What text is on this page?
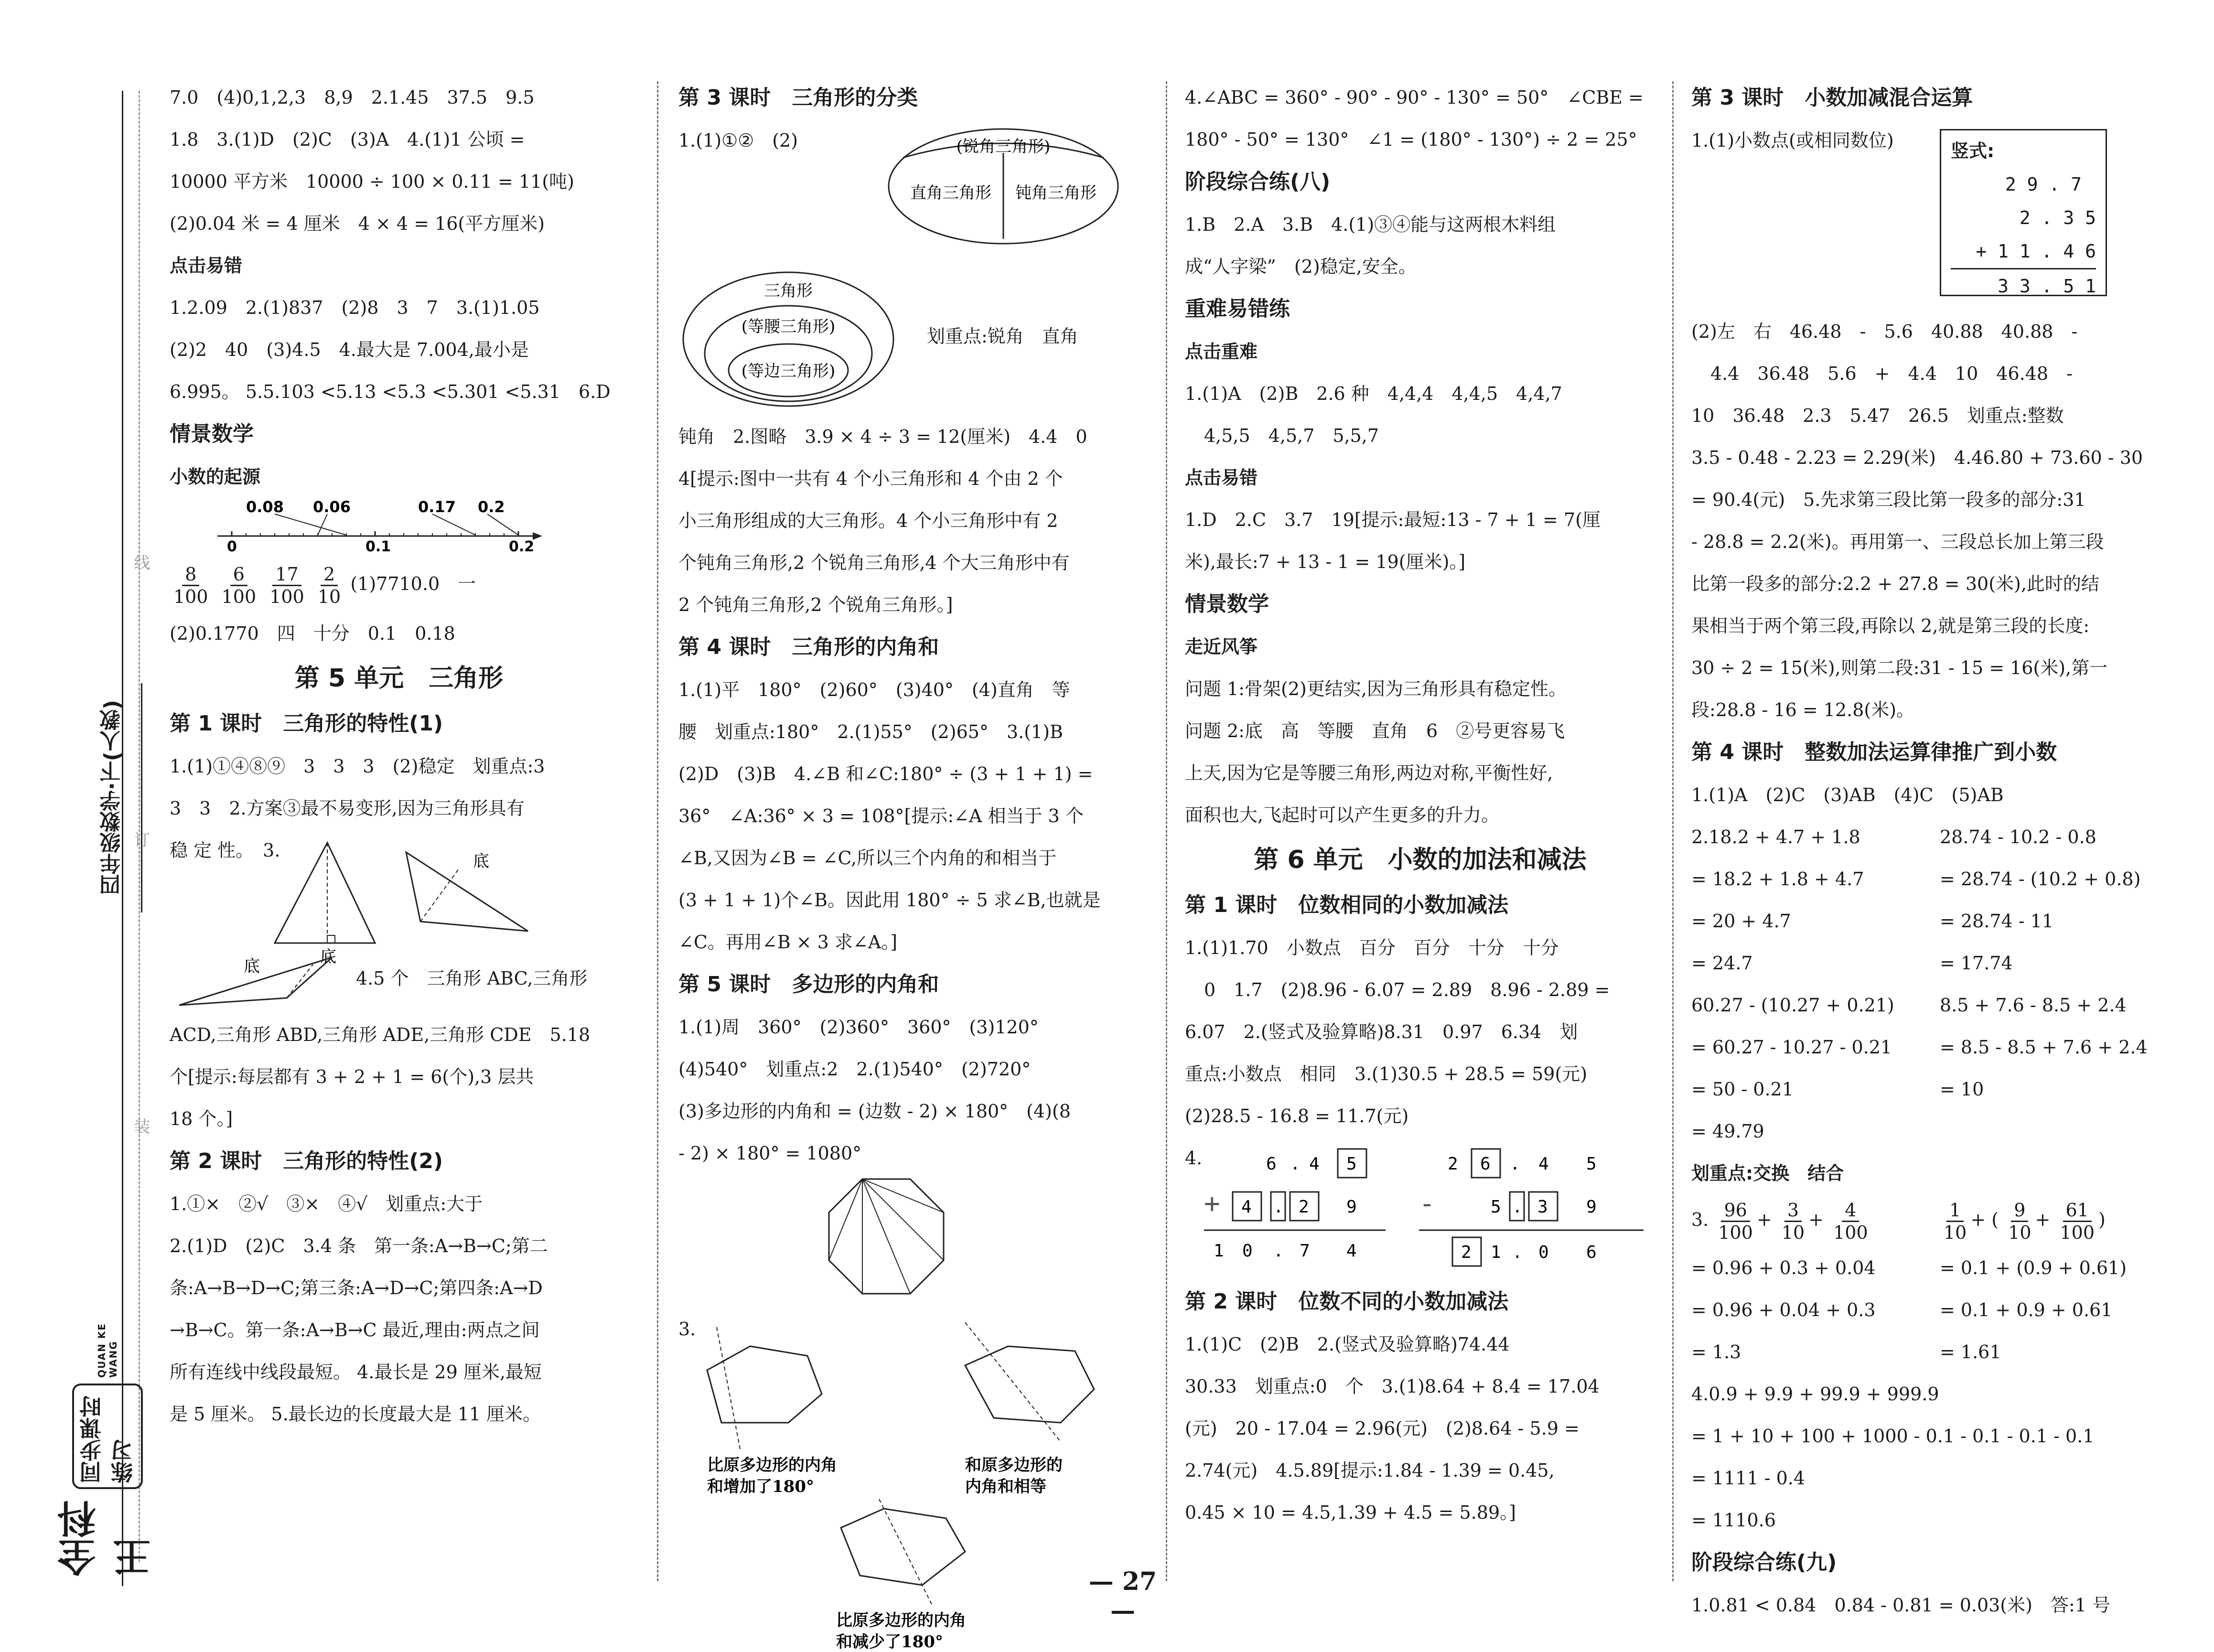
线
订
装
四年级数学·下(人教)
全科王
同步课时练习
QUAN KE WANG

7.0　(4)0,1,2,3　8,9　2.1.45　37.5　9.5

1.8　3.(1)D　(2)C　(3)A　4.(1)1 公顷 =

10000 平方米　10000 ÷ 100 × 0.11 = 11(吨)

(2)0.04 米 = 4 厘米　4 × 4 = 16(平方厘米)

点击易错

1.2.09　2.(1)837　(2)8　3　7　3.(1)1.05

(2)2　40　(3)4.5　4.最大是 7.004,最小是

6.995。 5.5.103 <5.13 <5.3 <5.301 <5.31　6.D

情景数学

小数的起源

0.08 0.06	0.17 0.2
0	0.1	0.2

$\frac{8}{100}$
$\frac{6}{100}$
$\frac{17}{100}$
$\frac{2}{10} (1)7710.0$　一

(2)0.1770　四　十分　0.1　0.18

第 5 单元　三角形

第 1 课时　三角形的特性(1)

1.(1)①④⑧⑨　3　3　3　(2)稳定　划重点:3

3　3　2.方案③最不易变形,因为三角形具有

稳 定 性。　3.

底
底
底

4.5 个　三角形 ABC,三角形

ACD,三角形 ABD,三角形 ADE,三角形 CDE　5.18

个[提示:每层都有 3 + 2 + 1 = 6(个),3 层共

18 个。]

第 2 课时　三角形的特性(2)

1.①×　②√　③×　④√　划重点:大于

2.(1)D　(2)C　3.4 条　第一条:A→B→C;第二

条:A→B→D→C;第三条:A→D→C;第四条:A→D

→B→C。第一条:A→B→C 最近,理由:两点之间

所有连线中线段最短。 4.最长是 29 厘米,最短

是 5 厘米。 5.最长边的长度最大是 11 厘米。

第 3 课时　三角形的分类

1.(1)①②　(2)	(锐角三角形)
直角三角形 钝角三角形
三角形
(等腰三角形)
(等边三角形)

划重点:锐角　直角

钝角　2.图略　3.9 × 4 ÷ 3 = 12(厘米)　4.4　0

4[提示:图中一共有 4 个小三角形和 4 个由 2 个

小三角形组成的大三角形。4 个小三角形中有 2

个钝角三角形,2 个锐角三角形,4 个大三角形中有

2 个钝角三角形,2 个锐角三角形。]

第 4 课时　三角形的内角和

1.(1)平　180°　(2)60°　(3)40°　(4)直角　等

腰　划重点:180°　2.(1)55°　(2)65°　3.(1)B

(2)D　(3)B　4.∠B 和∠C:180° ÷ (3 + 1 + 1) =

36°　∠A:36° × 3 = 108°[提示:∠A 相当于 3 个

∠B,又因为∠B = ∠C,所以三个内角的和相当于

(3 + 1 + 1)个∠B。因此用 180° ÷ 5 求∠B,也就是

∠C。再用∠B × 3 求∠A。]

第 5 课时　多边形的内角和

1.(1)周　360°　(2)360°　360°　(3)120°

(4)540°　划重点:2　2.(1)540°　(2)720°

(3)多边形的内角和 = (边数 - 2) × 180°　(4)(8

- 2) × 180° = 1080°

3.

比原多边形的内角
和增加了180°
和原多边形的
内角和相等
比原多边形的内角
和减少了180°

4.∠ABC = 360° - 90° - 90° - 130° = 50°　∠CBE =

180° - 50° = 130°　∠1 = (180° - 130°) ÷ 2 = 25°

阶段综合练(八)

1.B　2.A　3.B　4.(1)③④能与这两根木料组

成“人字梁”　(2)稳定,安全。

重难易错练

点击重难

1.(1)A　(2)B　2.6 种　4,4,4　4,4,5　4,4,7

4,5,5　4,5,7　5,5,7

点击易错

1.D　2.C　3.7　19[提示:最短:13 - 7 + 1 = 7(厘

米),最长:7 + 13 - 1 = 19(厘米)。]

情景数学

走近风筝

问题 1:骨架(2)更结实,因为三角形具有稳定性。

问题 2:底　高　等腰　直角　6　②号更容易飞

上天,因为它是等腰三角形,两边对称,平衡性好,

面积也大,飞起时可以产生更多的升力。

第 6 单元　小数的加法和减法

第 1 课时　位数相同的小数加减法

1.(1)1.70　小数点　百分　百分　十分　十分

0　1.7　(2)8.96 - 6.07 = 2.89　8.96 - 2.89 =

6.07　2.(竖式及验算略)8.31　0.97　6.34　划

重点:小数点　相同　3.(1)30.5 + 28.5 = 59(元)

(2)28.5 - 16.8 = 11.7(元)

4.	6 . 4 5
+ 4 . 2 9
1 0 . 7 4
2 6 . 4 5
-	5 . 3 9
2 1 . 0 6

第 2 课时　位数不同的小数加减法

1.(1)C　(2)B　2.(竖式及验算略)74.44

30.33　划重点:0　个　3.(1)8.64 + 8.4 = 17.04

(元)　20 - 17.04 = 2.96(元)　(2)8.64 - 5.9 =

2.74(元)　4.5.89[提示:1.84 - 1.39 = 0.45,

0.45 × 10 = 4.5,1.39 + 4.5 = 5.89。]

第 3 课时　小数加减混合运算

1.(1)小数点(或相同数位)	竖式:
2 9 . 7
2 . 3 5
+ 1 1 . 4 6
3 3 . 5 1

(2)左　右　46.48　-　5.6　40.88　40.88　-

4.4　36.48　5.6　+　4.4　10　46.48　-

10　36.48　2.3　5.47　26.5　划重点:整数

3.5 - 0.48 - 2.23 = 2.29(米)　4.46.80 + 73.60 - 30

= 90.4(元)　5.先求第三段比第一段多的部分:31

- 28.8 = 2.2(米)。再用第一、三段总长加上第三段

比第一段多的部分:2.2 + 27.8 = 30(米),此时的结

果相当于两个第三段,再除以 2,就是第三段的长度:

30 ÷ 2 = 15(米),则第二段:31 - 15 = 16(米),第一

段:28.8 - 16 = 12.8(米)。

第 4 课时　整数加法运算律推广到小数

1.(1)A　(2)C　(3)AB　(4)C　(5)AB

2.18.2 + 4.7 + 1.8

= 18.2 + 1.8 + 4.7

= 20 + 4.7

= 24.7

60.27 - (10.27 + 0.21)

= 60.27 - 10.27 - 0.21

= 50 - 0.21

= 49.79

28.74 - 10.2 - 0.8

= 28.74 - (10.2 + 0.8)

= 28.74 - 11

= 17.74

8.5 + 7.6 - 8.5 + 2.4

= 8.5 - 8.5 + 7.6 + 2.4

= 10

划重点:交换　结合

3. $\frac{96}{100} + \frac{3}{10} + \frac{4}{100}$	$\frac{1}{10}$ + ( $\frac{9}{10} + \frac{61}{100}$ )

= 0.96 + 0.3 + 0.04

= 0.96 + 0.04 + 0.3

= 1.3

= 0.1 + (0.9 + 0.61)

= 0.1 + 0.9 + 0.61

= 1.61

4.0.9 + 9.9 + 99.9 + 999.9

= 1 + 10 + 100 + 1000 - 0.1 - 0.1 - 0.1 - 0.1

= 1111 - 0.4

= 1110.6

阶段综合练(九)

1.0.81 < 0.84　0.84 - 0.81 = 0.03(米)　答:1 号

— 27 —
